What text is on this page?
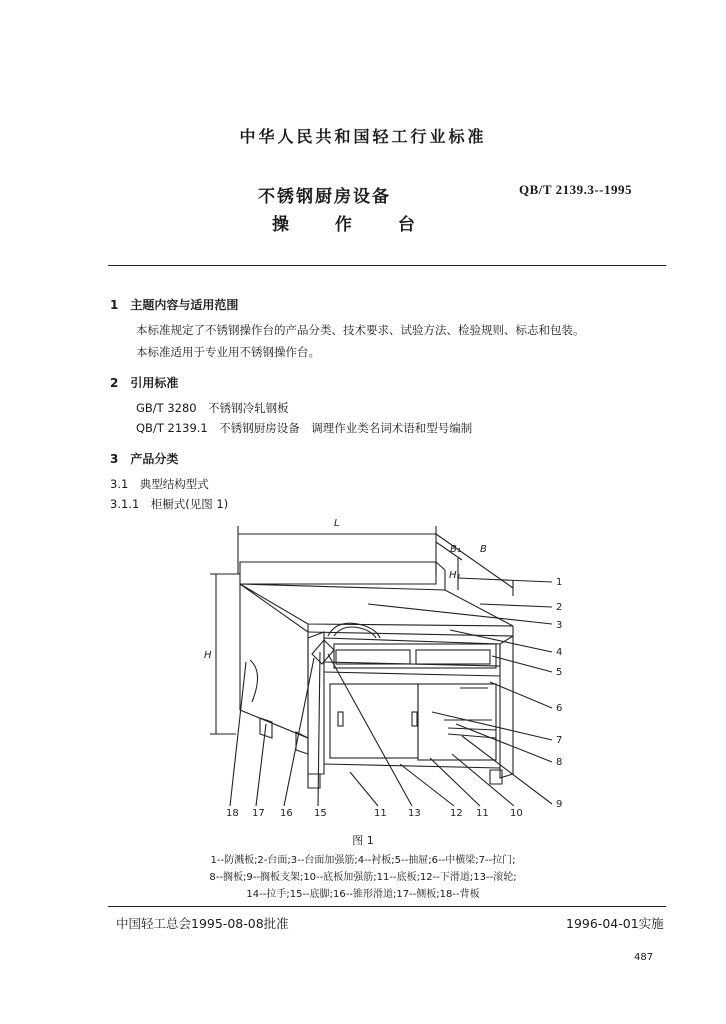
中华人民共和国轻工行业标准
不锈钢厨房设备
操 作 台
QB/T 2139.3--1995
1　主题内容与适用范围
本标准规定了不锈钢操作台的产品分类、技术要求、试验方法、检验规则、标志和包装。
本标准适用于专业用不锈钢操作台。
2　引用标准
GB/T 3280　不锈钢冷轧钢板
QB/T 2139.1　不锈钢厨房设备　调理作业类名词术语和型号编制
3　产品分类
3.1　典型结构型式
3.1.1　柜橱式(见图 1)
L
B
B₁
H₁
H
1
2
3
4
5
6
7
8
9
18 17 16 15	11 13	12 11 10
图 1
1--防溅板;2-台面;3--台面加强筋;4--衬板;5--抽屉;6--中横梁;7--拉门;
8--搁板;9--搁板支架;10--底板加强筋;11--底板;12--下滑道;13--滚轮;
14--拉手;15--底脚;16--锥形滑道;17--侧板;18--背板
中国轻工总会1995-08-08批准	1996-04-01实施
487
